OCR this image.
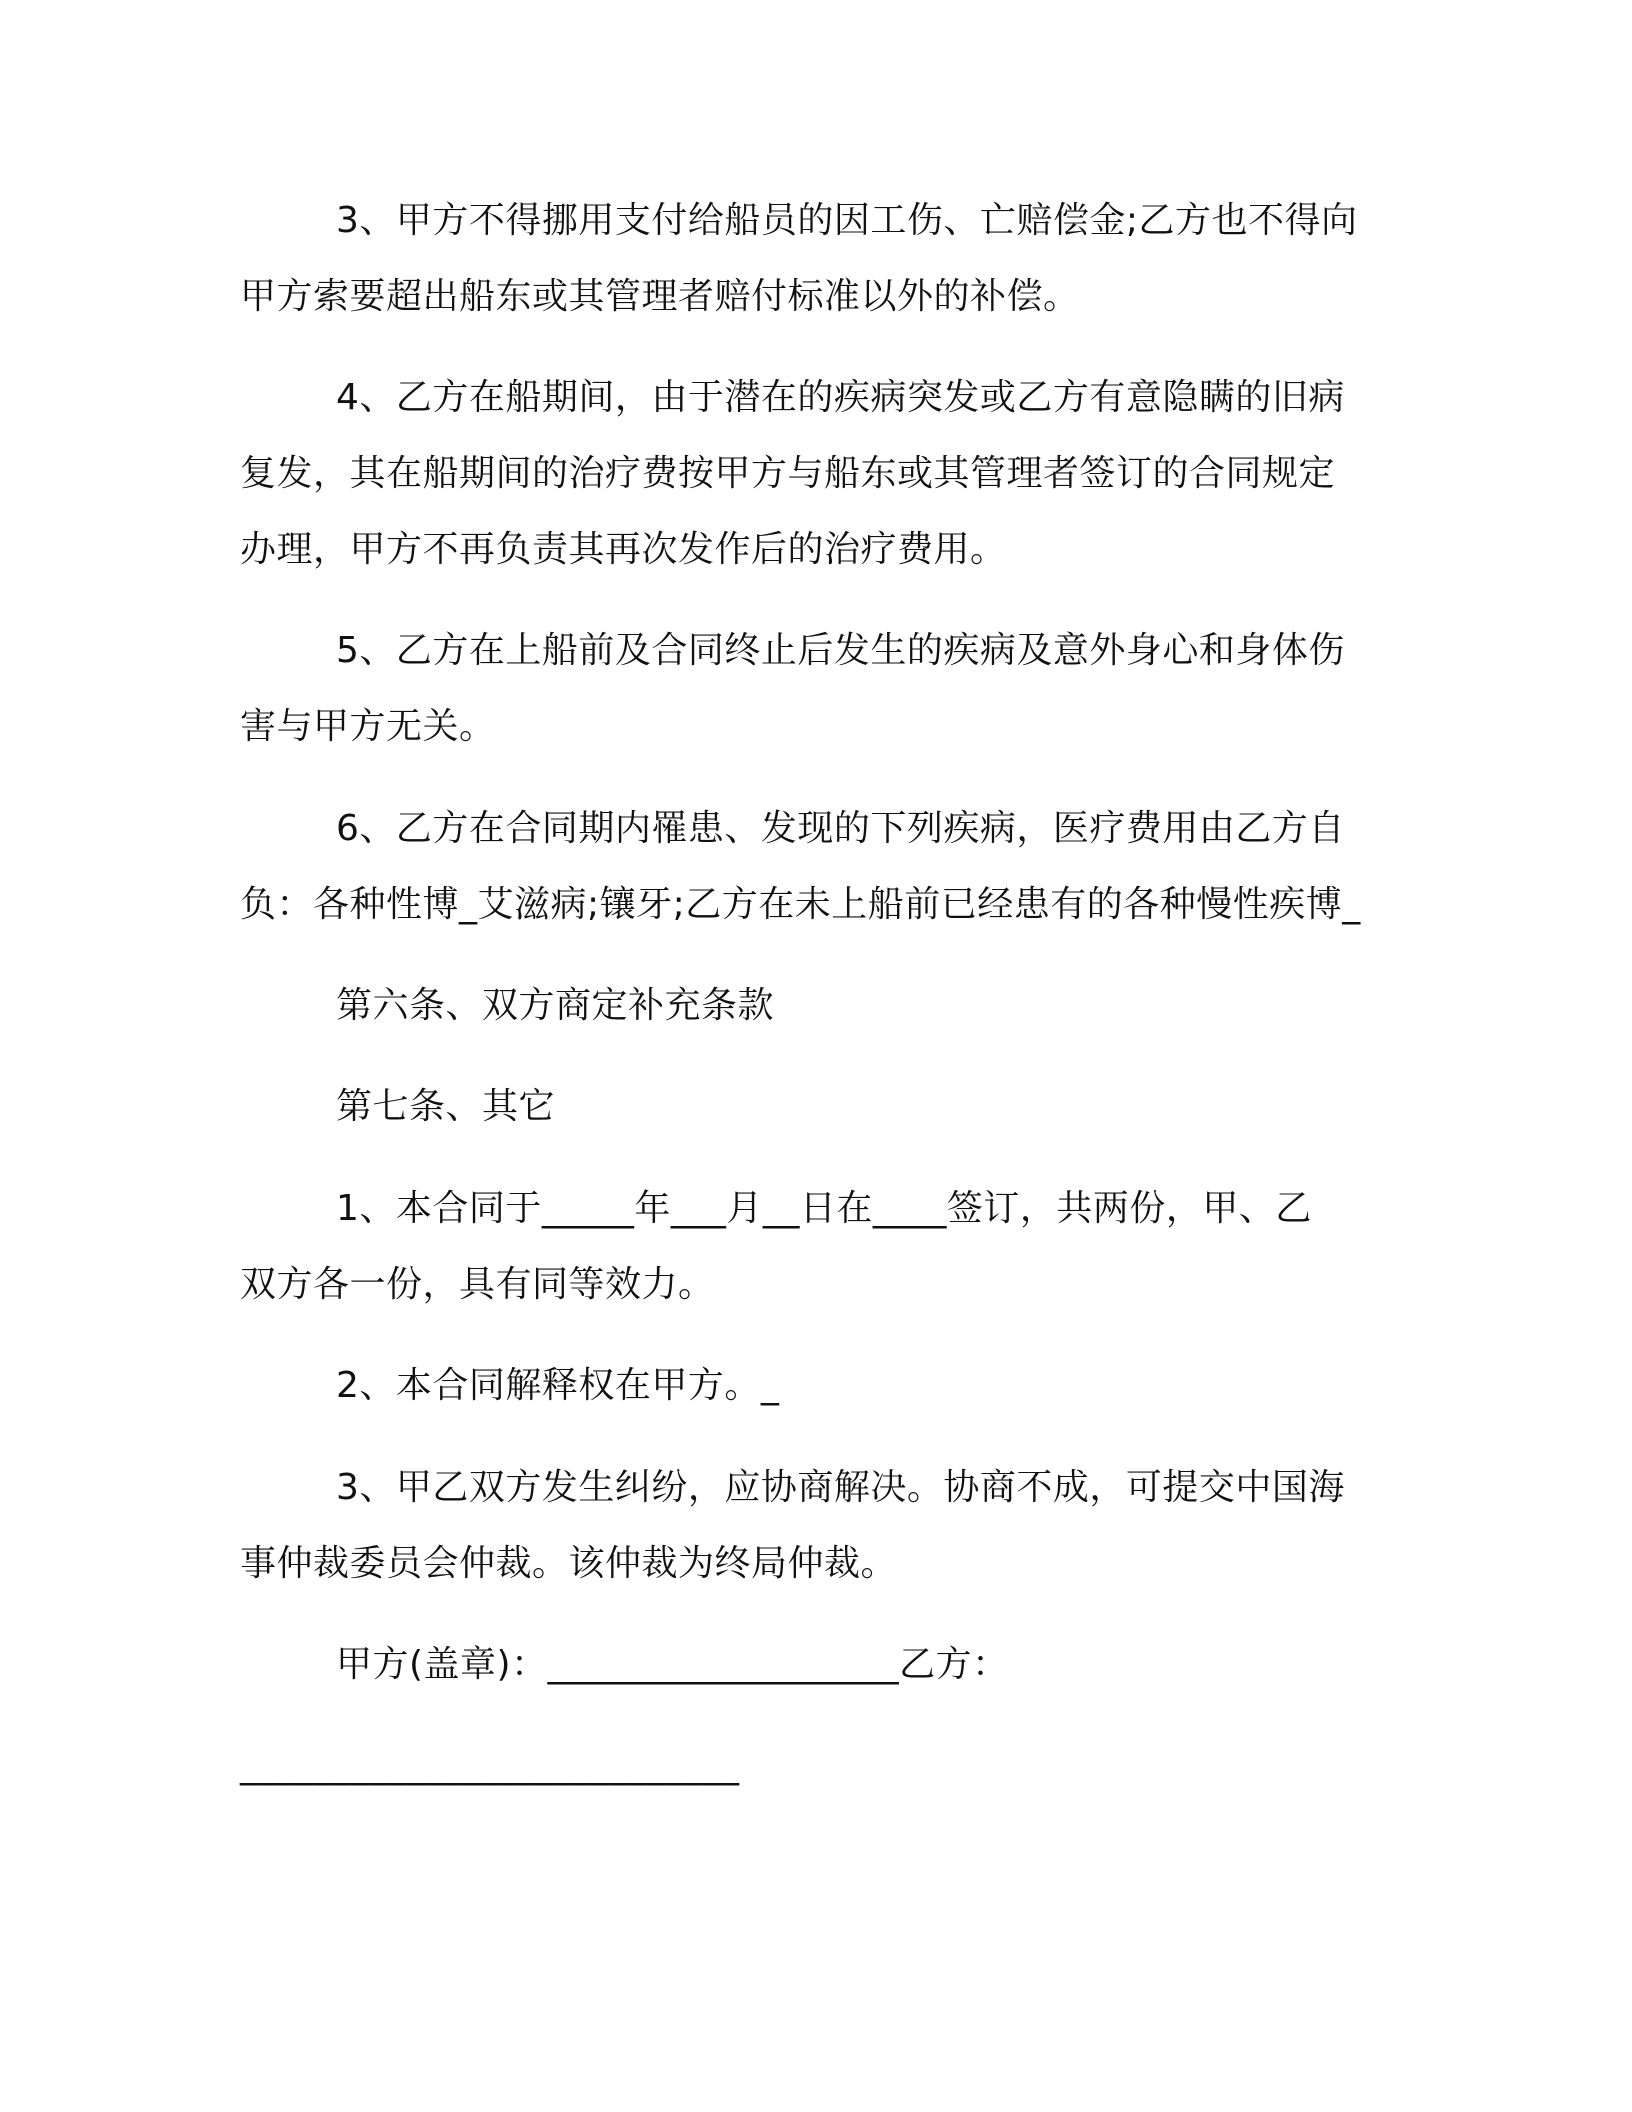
3、甲方不得挪用支付给船员的因工伤、亡赔偿金;乙方也不得向
甲方索要超出船东或其管理者赔付标准以外的补偿。
4、乙方在船期间，由于潜在的疾病突发或乙方有意隐瞒的旧病
复发，其在船期间的治疗费按甲方与船东或其管理者签订的合同规定
办理，甲方不再负责其再次发作后的治疗费用。
5、乙方在上船前及合同终止后发生的疾病及意外身心和身体伤
害与甲方无关。
6、乙方在合同期内罹患、发现的下列疾病，医疗费用由乙方自
负：各种性博_艾滋病;镶牙;乙方在未上船前已经患有的各种慢性疾博_
第六条、双方商定补充条款
第七条、其它
1、本合同于_____年___月__日在____签订，共两份，甲、乙
双方各一份，具有同等效力。
2、本合同解释权在甲方。_
3、甲乙双方发生纠纷，应协商解决。协商不成，可提交中国海
事仲裁委员会仲裁。该仲裁为终局仲裁。
甲方(盖章)：___________________乙方：
___________________________
